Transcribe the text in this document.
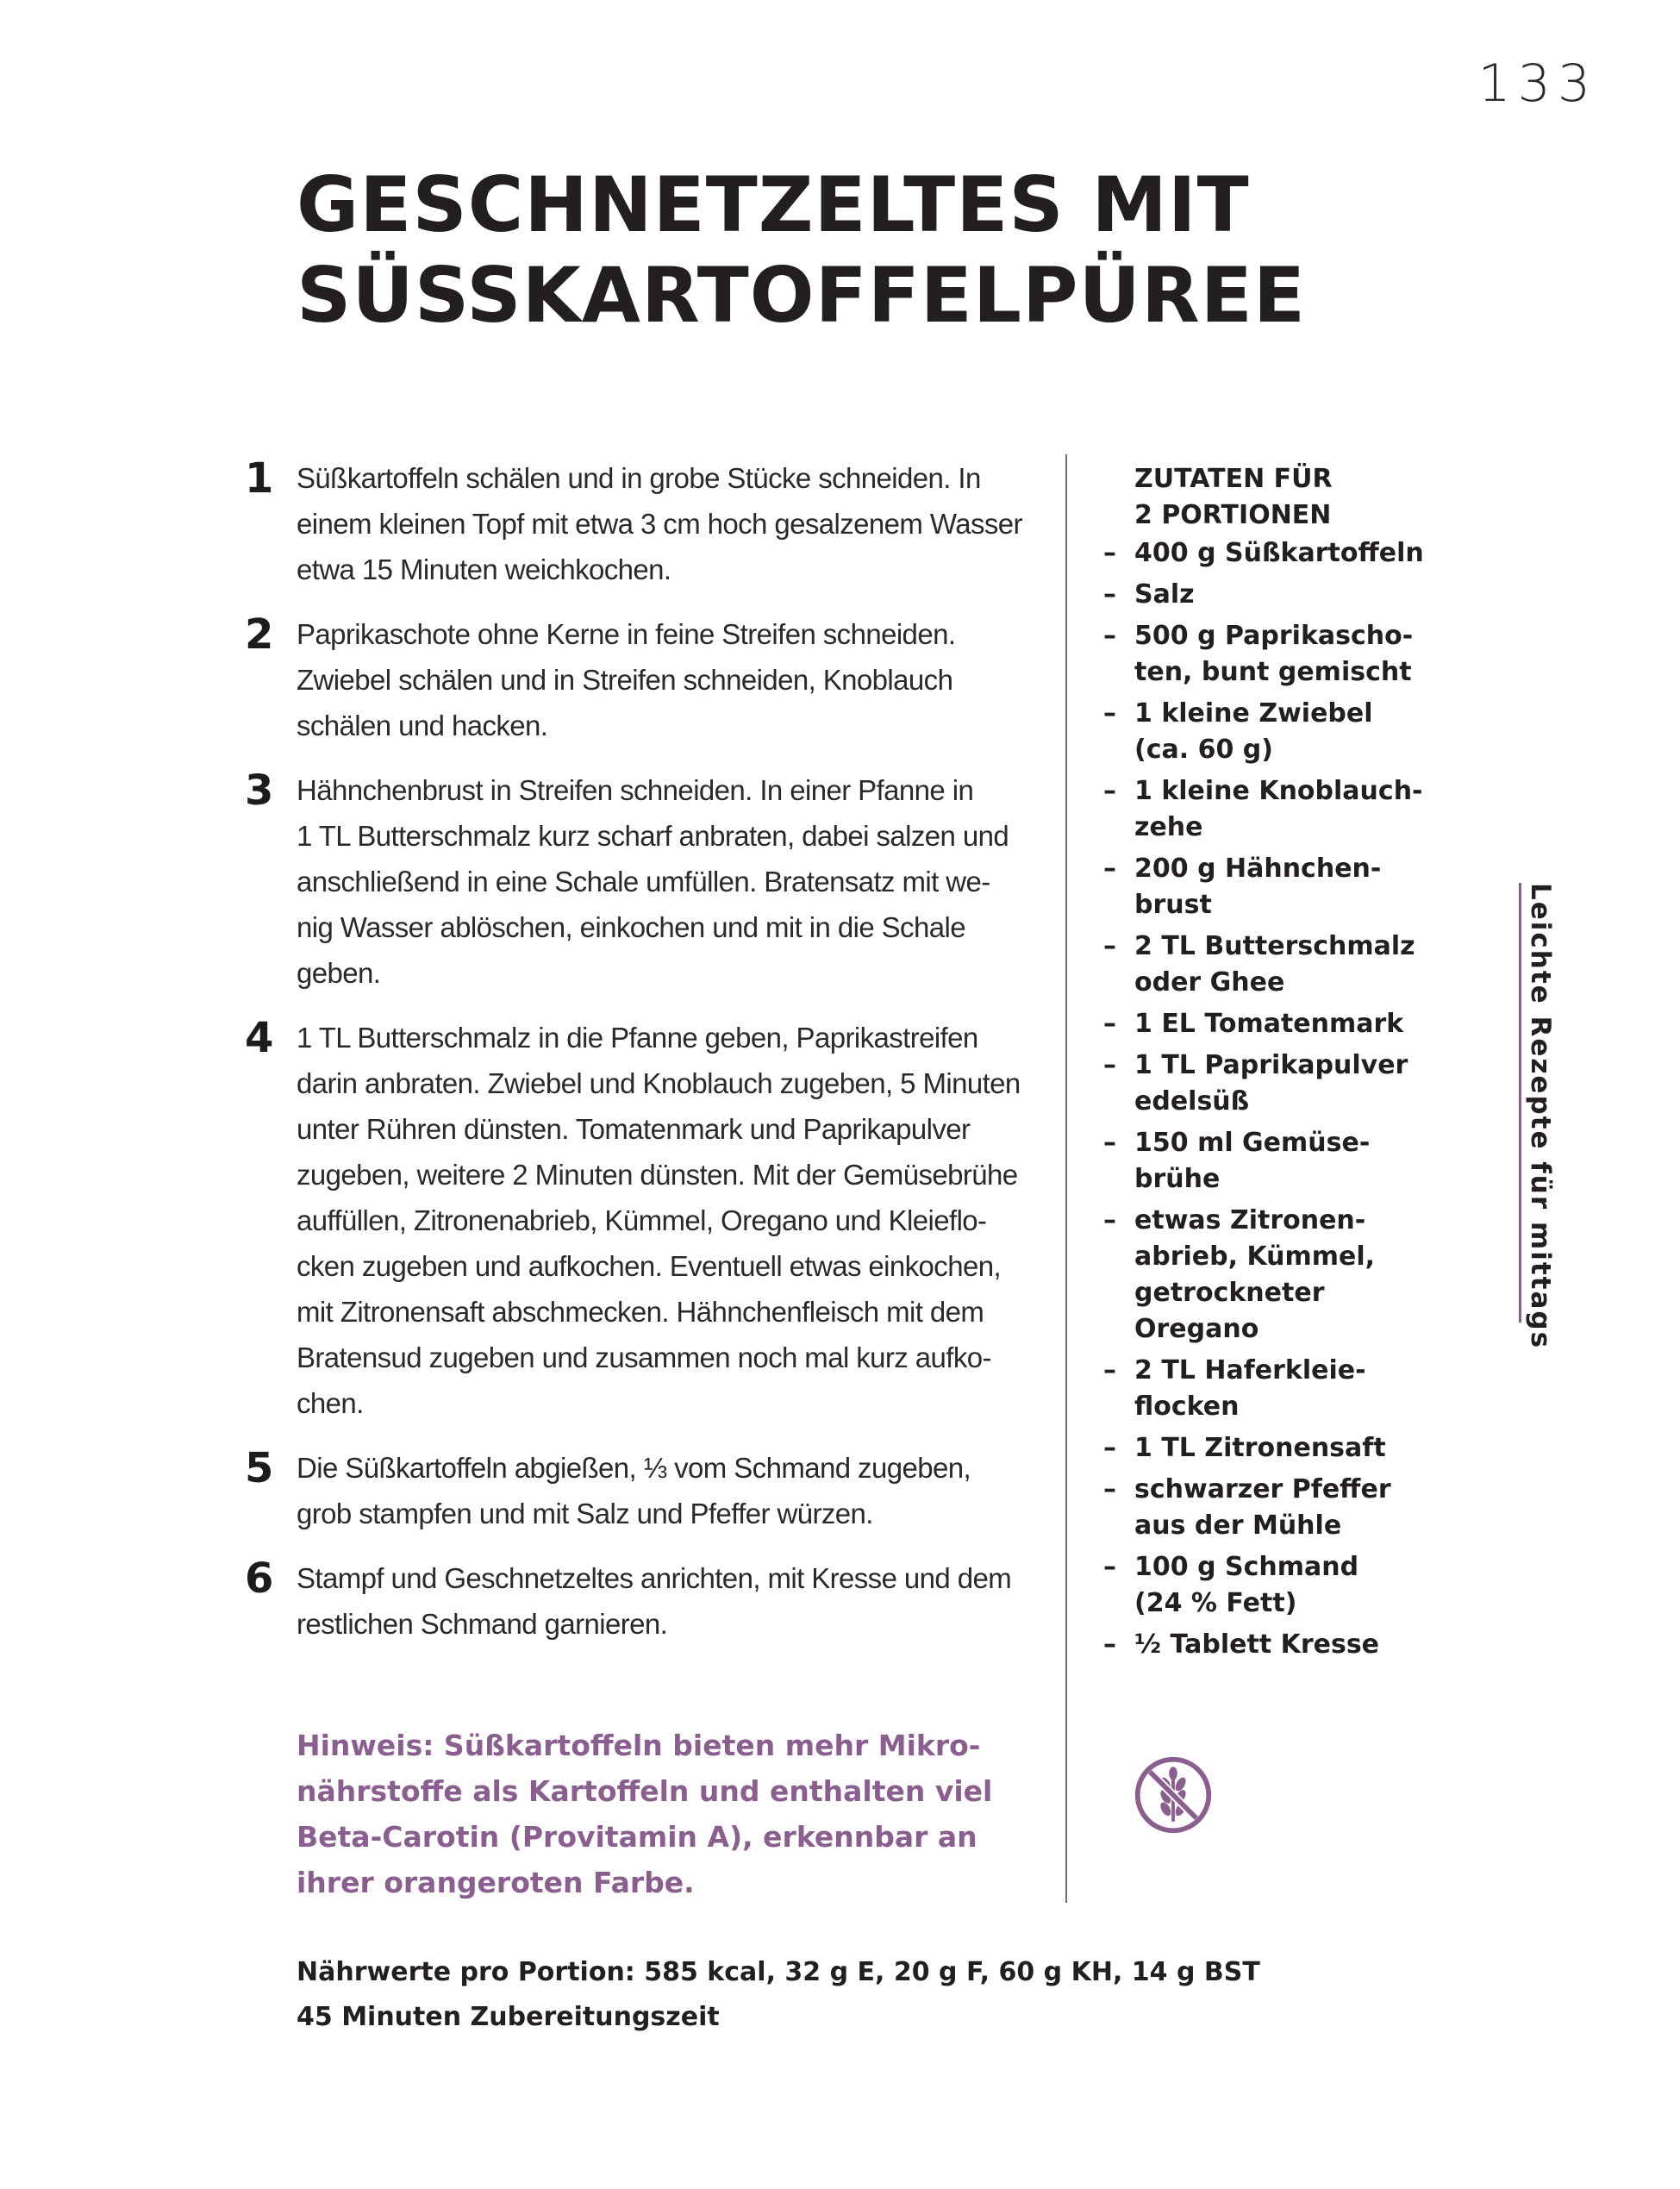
133
GESCHNETZELTES MIT
SÜSSKARTOFFELPÜREE
1 Süßkartoffeln schälen und in grobe Stücke schneiden. In
einem kleinen Topf mit etwa 3 cm hoch gesalzenem Wasser
etwa 15 Minuten weichkochen.
2 Paprikaschote ohne Kerne in feine Streifen schneiden.
Zwiebel schälen und in Streifen schneiden, Knoblauch
schälen und hacken.
3 Hähnchenbrust in Streifen schneiden. In einer Pfanne in
1 TL Butterschmalz kurz scharf anbraten, dabei salzen und
anschließend in eine Schale umfüllen. Bratensatz mit we-
nig Wasser ablöschen, einkochen und mit in die Schale
geben.
4 1 TL Butterschmalz in die Pfanne geben, Paprikastreifen
darin anbraten. Zwiebel und Knoblauch zugeben, 5 Minuten
unter Rühren dünsten. Tomatenmark und Paprikapulver
zugeben, weitere 2 Minuten dünsten. Mit der Gemüsebrühe
auffüllen, Zitronenabrieb, Kümmel, Oregano und Kleieflo-
cken zugeben und aufkochen. Eventuell etwas einkochen,
mit Zitronensaft abschmecken. Hähnchenfleisch mit dem
Bratensud zugeben und zusammen noch mal kurz aufko-
chen.
5 Die Süßkartoffeln abgießen, ⅓ vom Schmand zugeben,
grob stampfen und mit Salz und Pfeffer würzen.
6 Stampf und Geschnetzeltes anrichten, mit Kresse und dem
restlichen Schmand garnieren.

Hinweis: Süßkartoffeln bieten mehr Mikro-
nährstoffe als Kartoffeln und enthalten viel
Beta-Carotin (Provitamin A), erkennbar an
ihrer orangeroten Farbe.

ZUTATEN FÜR
2 PORTIONEN
– 400 g Süßkartoffeln
– Salz
– 500 g Paprikascho-
ten, bunt gemischt
– 1 kleine Zwiebel
(ca. 60 g)
– 1 kleine Knoblauch-
zehe
– 200 g Hähnchen-
brust
– 2 TL Butterschmalz
oder Ghee
– 1 EL Tomatenmark
– 1 TL Paprikapulver
edelsüß
– 150 ml Gemüse-
brühe
– etwas Zitronen-
abrieb, Kümmel,
getrockneter
Oregano
– 2 TL Haferkleie-
flocken
– 1 TL Zitronensaft
– schwarzer Pfeffer
aus der Mühle
– 100 g Schmand
(24 % Fett)
– ½ Tablett Kresse
Leichte Rezepte für mittags
Nährwerte pro Portion: 585 kcal, 32 g E, 20 g F, 60 g KH, 14 g BST
45 Minuten Zubereitungszeit
